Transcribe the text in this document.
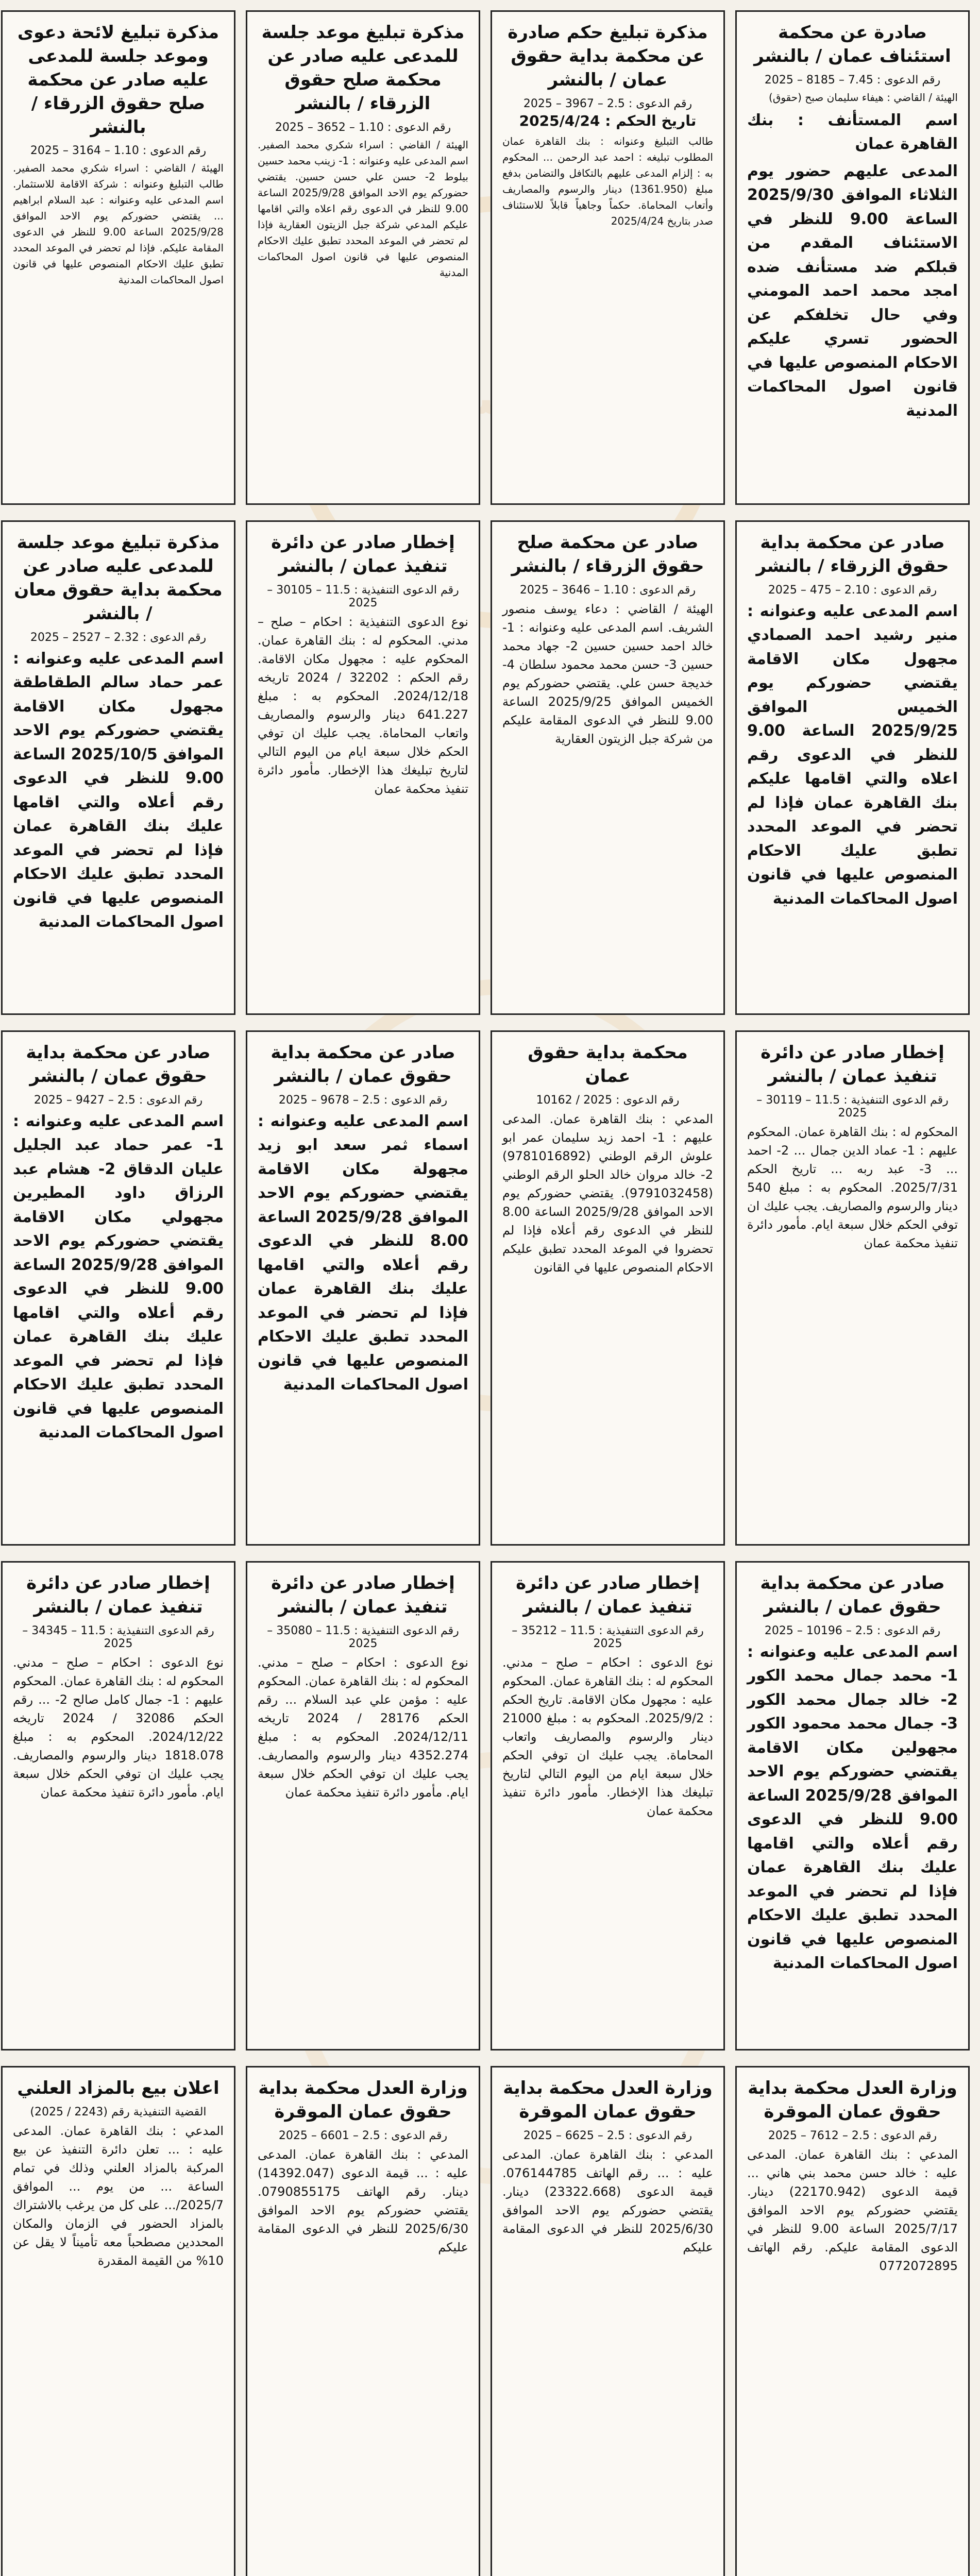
صادرة عن محكمة استئناف عمان / بالنشر
رقم الدعوى : 7.45 – 8185 – 2025

الهيئة / القاضي : هيفاء سليمان صبح (حقوق)

اسم المستأنف : بنك القاهرة عمان

المدعى عليهم حضور يوم الثلاثاء الموافق 2025/9/30 الساعة 9.00 للنظر في الاستئناف المقدم من قبلكم ضد مستأنف ضده امجد محمد احمد المومني وفي حال تخلفكم عن الحضور تسري عليكم الاحكام المنصوص عليها في قانون اصول المحاكمات المدنية

مذكرة تبليغ حكم صادرة عن محكمة بداية حقوق عمان / بالنشر
رقم الدعوى : 2.5 – 3967 – 2025
تاريخ الحكم : 2025/4/24

طالب التبليغ وعنوانه : بنك القاهرة عمان المطلوب تبليغه : احمد عبد الرحمن ... المحكوم به : إلزام المدعى عليهم بالتكافل والتضامن بدفع مبلغ (1361.950) دينار والرسوم والمصاريف وأتعاب المحاماة. حكماً وجاهياً قابلاً للاستئناف صدر بتاريخ 2025/4/24

مذكرة تبليغ موعد جلسة للمدعى عليه صادر عن محكمة صلح حقوق الزرقاء / بالنشر
رقم الدعوى : 1.10 – 3652 – 2025

الهيئة / القاضي : اسراء شكري محمد الصفير. اسم المدعى عليه وعنوانه : 1- زينب محمد حسين بيلوط 2- حسن علي حسن حسين. يقتضي حضوركم يوم الاحد الموافق 2025/9/28 الساعة 9.00 للنظر في الدعوى رقم اعلاه والتي اقامها عليكم المدعي شركة جبل الزيتون العقارية فإذا لم تحضر في الموعد المحدد تطبق عليك الاحكام المنصوص عليها في قانون اصول المحاكمات المدنية

مذكرة تبليغ لائحة دعوى وموعد جلسة للمدعى عليه صادر عن محكمة صلح حقوق الزرقاء / بالنشر
رقم الدعوى : 1.10 – 3164 – 2025

الهيئة / القاضي : اسراء شكري محمد الصفير. طالب التبليغ وعنوانه : شركة الاقامة للاستثمار. اسم المدعى عليه وعنوانه : عبد السلام ابراهيم ... يقتضي حضوركم يوم الاحد الموافق 2025/9/28 الساعة 9.00 للنظر في الدعوى المقامة عليكم. فإذا لم تحضر في الموعد المحدد تطبق عليك الاحكام المنصوص عليها في قانون اصول المحاكمات المدنية

صادر عن محكمة بداية حقوق الزرقاء / بالنشر
رقم الدعوى : 2.10 – 475 – 2025

اسم المدعى عليه وعنوانه : منير رشيد احمد الصمادي مجهول مكان الاقامة يقتضي حضوركم يوم الخميس الموافق 2025/9/25 الساعة 9.00 للنظر في الدعوى رقم اعلاه والتي اقامها عليكم بنك القاهرة عمان فإذا لم تحضر في الموعد المحدد تطبق عليك الاحكام المنصوص عليها في قانون اصول المحاكمات المدنية

صادر عن محكمة صلح حقوق الزرقاء / بالنشر
رقم الدعوى : 1.10 – 3646 – 2025

الهيئة / القاضي : دعاء يوسف منصور الشريف. اسم المدعى عليه وعنوانه : 1- خالد احمد حسين حسين 2- جهاد محمد حسين 3- حسن محمد محمود سلطان 4- خديجة حسن علي. يقتضي حضوركم يوم الخميس الموافق 2025/9/25 الساعة 9.00 للنظر في الدعوى المقامة عليكم من شركة جبل الزيتون العقارية

إخطار صادر عن دائرة تنفيذ عمان / بالنشر
رقم الدعوى التنفيذية : 11.5 – 30105 – 2025

نوع الدعوى التنفيذية : احكام – صلح – مدني. المحكوم له : بنك القاهرة عمان. المحكوم عليه : مجهول مكان الاقامة. رقم الحكم : 32202 / 2024 تاريخه 2024/12/18. المحكوم به : مبلغ 641.227 دينار والرسوم والمصاريف واتعاب المحاماة. يجب عليك ان توفي الحكم خلال سبعة ايام من اليوم التالي لتاريخ تبليغك هذا الإخطار. مأمور دائرة تنفيذ محكمة عمان

مذكرة تبليغ موعد جلسة للمدعى عليه صادر عن محكمة بداية حقوق معان / بالنشر
رقم الدعوى : 2.32 – 2527 – 2025

اسم المدعى عليه وعنوانه : عمر حماد سالم الطقاطقة مجهول مكان الاقامة يقتضي حضوركم يوم الاحد الموافق 2025/10/5 الساعة 9.00 للنظر في الدعوى رقم أعلاه والتي اقامها عليك بنك القاهرة عمان فإذا لم تحضر في الموعد المحدد تطبق عليك الاحكام المنصوص عليها في قانون اصول المحاكمات المدنية

إخطار صادر عن دائرة تنفيذ عمان / بالنشر
رقم الدعوى التنفيذية : 11.5 – 30119 – 2025

المحكوم له : بنك القاهرة عمان. المحكوم عليهم : 1- عماد الدين جمال ... 2- احمد ... 3- عبد ربه ... تاريخ الحكم 2025/7/31. المحكوم به : مبلغ 540 دينار والرسوم والمصاريف. يجب عليك ان توفي الحكم خلال سبعة ايام. مأمور دائرة تنفيذ محكمة عمان

محكمة بداية حقوق عمان
رقم الدعوى : 2025 / 10162

المدعي : بنك القاهرة عمان. المدعى عليهم : 1- احمد زيد سليمان عمر ابو علوش الرقم الوطني (9781016892) 2- خالد مروان خالد الحلو الرقم الوطني (9791032458). يقتضي حضوركم يوم الاحد الموافق 2025/9/28 الساعة 8.00 للنظر في الدعوى رقم أعلاه فإذا لم تحضروا في الموعد المحدد تطبق عليكم الاحكام المنصوص عليها في القانون

صادر عن محكمة بداية حقوق عمان / بالنشر
رقم الدعوى : 2.5 – 9678 – 2025

اسم المدعى عليه وعنوانه : اسماء ثمر سعد ابو زيد مجهولة مكان الاقامة يقتضي حضوركم يوم الاحد الموافق 2025/9/28 الساعة 8.00 للنظر في الدعوى رقم أعلاه والتي اقامها عليك بنك القاهرة عمان فإذا لم تحضر في الموعد المحدد تطبق عليك الاحكام المنصوص عليها في قانون اصول المحاكمات المدنية

صادر عن محكمة بداية حقوق عمان / بالنشر
رقم الدعوى : 2.5 – 9427 – 2025

اسم المدعى عليه وعنوانه : 1- عمر حماد عبد الجليل عليان الدقاق 2- هشام عبد الرزاق داود المطيرين مجهولي مكان الاقامة يقتضي حضوركم يوم الاحد الموافق 2025/9/28 الساعة 9.00 للنظر في الدعوى رقم أعلاه والتي اقامها عليك بنك القاهرة عمان فإذا لم تحضر في الموعد المحدد تطبق عليك الاحكام المنصوص عليها في قانون اصول المحاكمات المدنية

صادر عن محكمة بداية حقوق عمان / بالنشر
رقم الدعوى : 2.5 – 10196 – 2025

اسم المدعى عليه وعنوانه : 1- محمد جمال محمد الكور 2- خالد جمال محمد الكور 3- جمال محمد محمود الكور مجهولين مكان الاقامة يقتضي حضوركم يوم الاحد الموافق 2025/9/28 الساعة 9.00 للنظر في الدعوى رقم أعلاه والتي اقامها عليك بنك القاهرة عمان فإذا لم تحضر في الموعد المحدد تطبق عليك الاحكام المنصوص عليها في قانون اصول المحاكمات المدنية

إخطار صادر عن دائرة تنفيذ عمان / بالنشر
رقم الدعوى التنفيذية : 11.5 – 35212 – 2025

نوع الدعوى : احكام – صلح – مدني. المحكوم له : بنك القاهرة عمان. المحكوم عليه : مجهول مكان الاقامة. تاريخ الحكم : 2025/9/2. المحكوم به : مبلغ 21000 دينار والرسوم والمصاريف واتعاب المحاماة. يجب عليك ان توفي الحكم خلال سبعة ايام من اليوم التالي لتاريخ تبليغك هذا الإخطار. مأمور دائرة تنفيذ محكمة عمان

إخطار صادر عن دائرة تنفيذ عمان / بالنشر
رقم الدعوى التنفيذية : 11.5 – 35080 – 2025

نوع الدعوى : احكام – صلح – مدني. المحكوم له : بنك القاهرة عمان. المحكوم عليه : مؤمن علي عبد السلام ... رقم الحكم 28176 / 2024 تاريخه 2024/12/11. المحكوم به : مبلغ 4352.274 دينار والرسوم والمصاريف. يجب عليك ان توفي الحكم خلال سبعة ايام. مأمور دائرة تنفيذ محكمة عمان

إخطار صادر عن دائرة تنفيذ عمان / بالنشر
رقم الدعوى التنفيذية : 11.5 – 34345 – 2025

نوع الدعوى : احكام – صلح – مدني. المحكوم له : بنك القاهرة عمان. المحكوم عليهم : 1- جمال كامل صالح 2- ... رقم الحكم 32086 / 2024 تاريخه 2024/12/22. المحكوم به : مبلغ 1818.078 دينار والرسوم والمصاريف. يجب عليك ان توفي الحكم خلال سبعة ايام. مأمور دائرة تنفيذ محكمة عمان

وزارة العدل محكمة بداية حقوق عمان الموقرة
رقم الدعوى : 2.5 – 7612 – 2025

المدعي : بنك القاهرة عمان. المدعى عليه : خالد حسن محمد بني هاني ... قيمة الدعوى (22170.942) دينار. يقتضي حضوركم يوم الاحد الموافق 2025/7/17 الساعة 9.00 للنظر في الدعوى المقامة عليكم. رقم الهاتف 0772072895

وزارة العدل محكمة بداية حقوق عمان الموقرة
رقم الدعوى : 2.5 – 6625 – 2025

المدعي : بنك القاهرة عمان. المدعى عليه : ... رقم الهاتف 076144785. قيمة الدعوى (23322.668) دينار. يقتضي حضوركم يوم الاحد الموافق 2025/6/30 للنظر في الدعوى المقامة عليكم

وزارة العدل محكمة بداية حقوق عمان الموقرة
رقم الدعوى : 2.5 – 6601 – 2025

المدعي : بنك القاهرة عمان. المدعى عليه : ... قيمة الدعوى (14392.047) دينار. رقم الهاتف 0790855175. يقتضي حضوركم يوم الاحد الموافق 2025/6/30 للنظر في الدعوى المقامة عليكم

اعلان بيع بالمزاد العلني
القضية التنفيذية رقم (2243 / 2025)

المدعي : بنك القاهرة عمان. المدعى عليه : ... تعلن دائرة التنفيذ عن بيع المركبة بالمزاد العلني وذلك في تمام الساعة ... من يوم ... الموافق 2025/7/... على كل من يرغب بالاشتراك بالمزاد الحضور في الزمان والمكان المحددين مصطحباً معه تأميناً لا يقل عن 10% من القيمة المقدرة
